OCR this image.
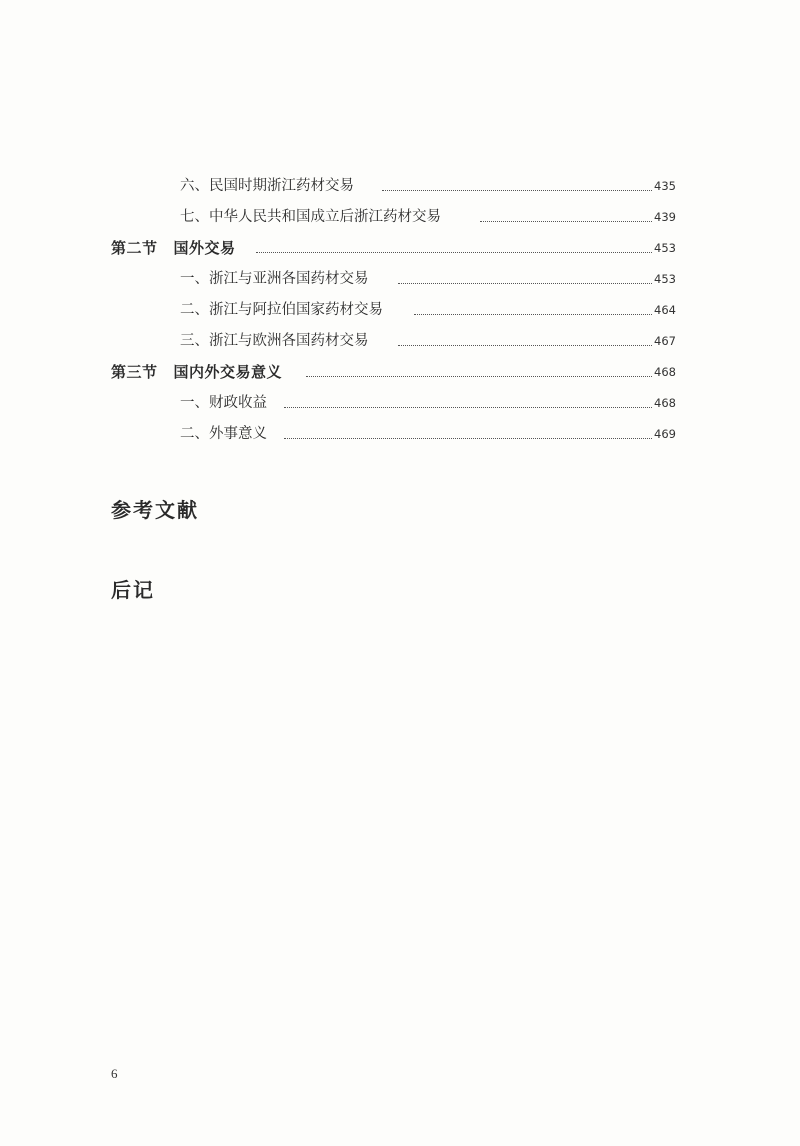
六、民国时期浙江药材交易	435
七、中华人民共和国成立后浙江药材交易	439
第二节 国外交易	453
一、浙江与亚洲各国药材交易	453
二、浙江与阿拉伯国家药材交易	464
三、浙江与欧洲各国药材交易	467
第三节 国内外交易意义	468
一、财政收益	468
二、外事意义	469
参考文献
后记
6
